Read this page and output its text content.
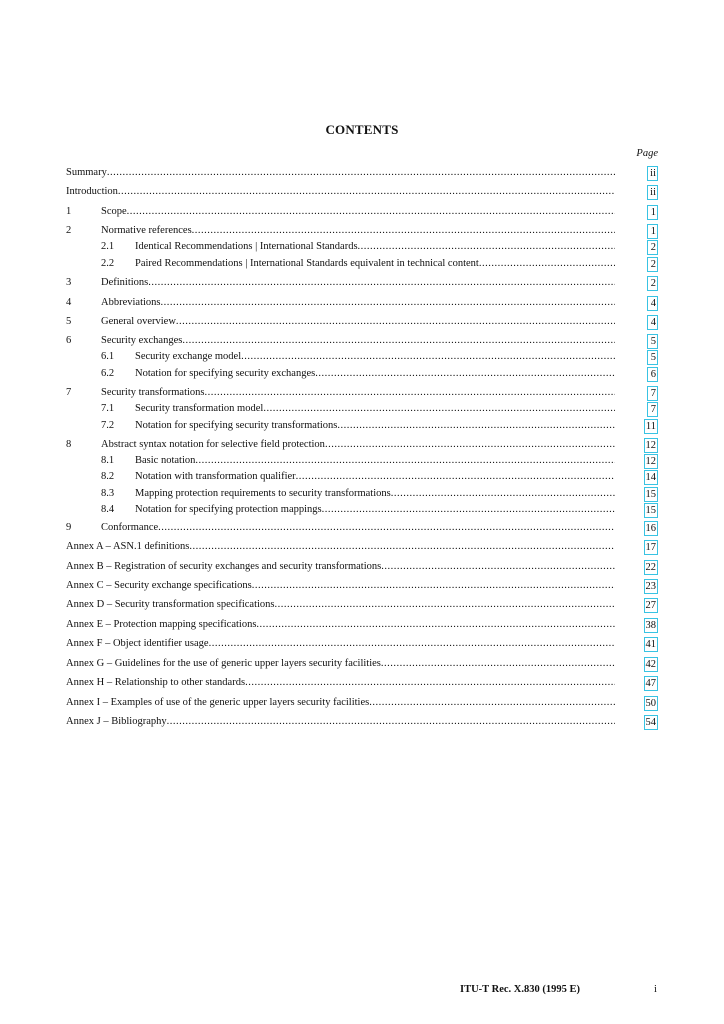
CONTENTS
Page
Summary .....	ii
Introduction .....	ii
1	Scope .....	1
2	Normative references .....	1
2.1 Identical Recommendations | International Standards .....	2
2.2 Paired Recommendations | International Standards equivalent in technical content .....	2
3	Definitions .....	2
4	Abbreviations .....	4
5	General overview .....	4
6	Security exchanges .....	5
6.1 Security exchange model .....	5
6.2 Notation for specifying security exchanges .....	6
7	Security transformations .....	7
7.1 Security transformation model .....	7
7.2 Notation for specifying security transformations .....	11
8	Abstract syntax notation for selective field protection .....	12
8.1 Basic notation .....	12
8.2 Notation with transformation qualifier .....	14
8.3 Mapping protection requirements to security transformations .....	15
8.4 Notation for specifying protection mappings .....	15
9	Conformance .....	16
Annex A – ASN.1 definitions .....	17
Annex B – Registration of security exchanges and security transformations .....	22
Annex C – Security exchange specifications .....	23
Annex D – Security transformation specifications .....	27
Annex E – Protection mapping specifications .....	38
Annex F – Object identifier usage .....	41
Annex G – Guidelines for the use of generic upper layers security facilities .....	42
Annex H – Relationship to other standards .....	47
Annex I – Examples of use of the generic upper layers security facilities .....	50
Annex J – Bibliography .....	54
ITU-T Rec. X.830 (1995 E)	i
